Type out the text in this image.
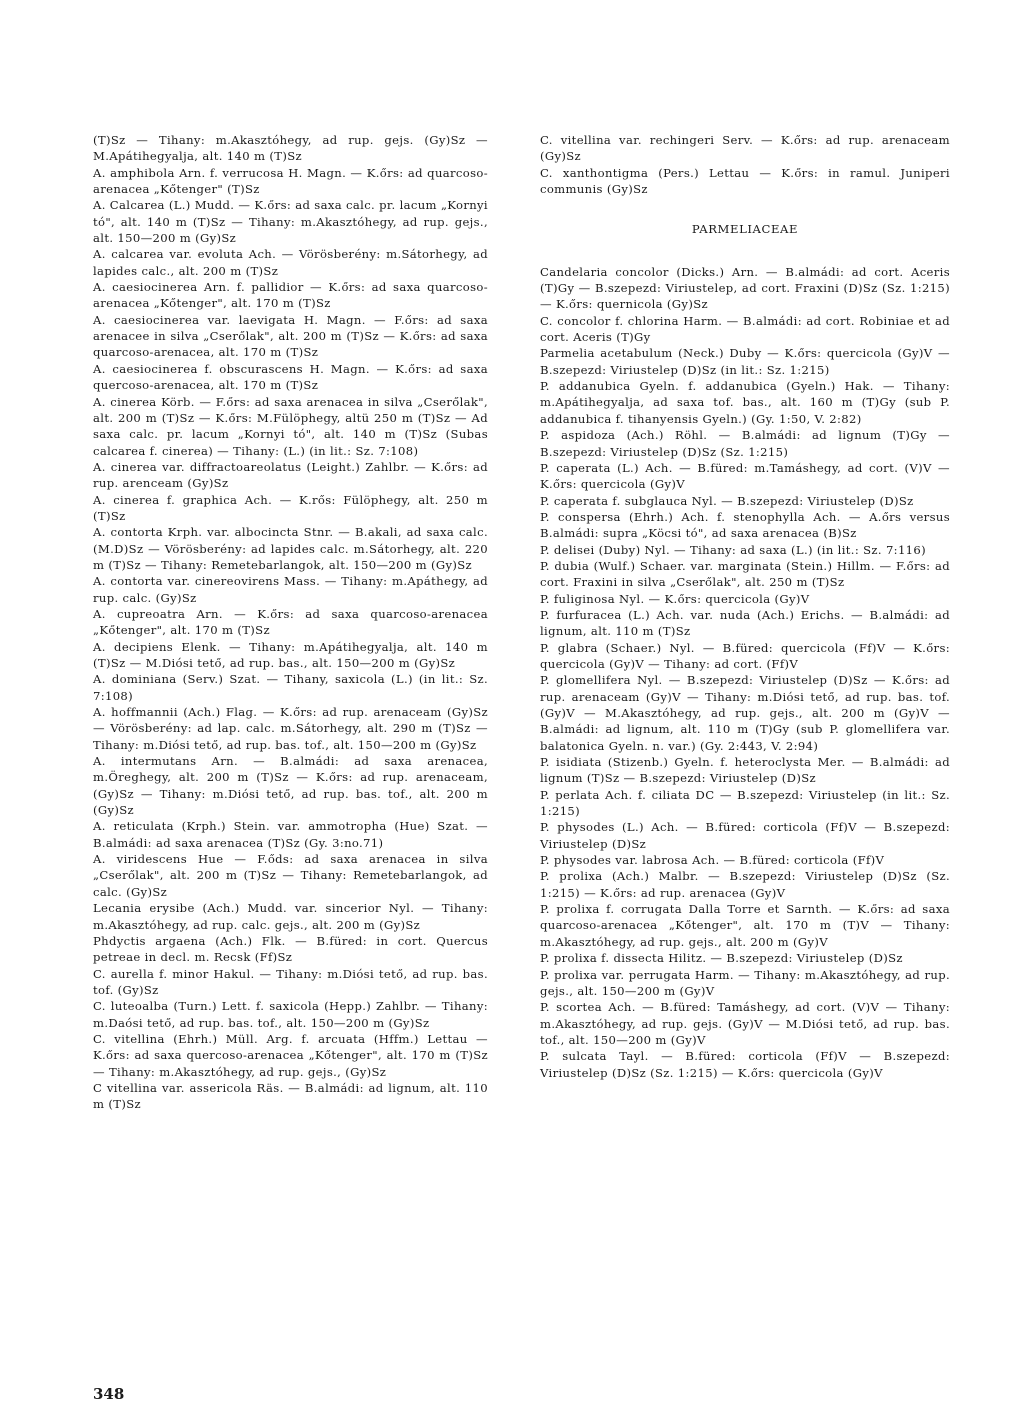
(T)Sz — Tihany: m.Akasztóhegy, ad rup. gejs. (Gy)Sz — M.Apátihegyalja, alt. 140 m (T)Sz

A. amphibola Arn. f. verrucosa H. Magn. — K.őrs: ad quarcoso-arenacea „Kőtenger" (T)Sz

A. Calcarea (L.) Mudd. — K.őrs: ad saxa calc. pr. lacum „Kornyi tó", alt. 140 m (T)Sz — Tihany: m.Akasztóhegy, ad rup. gejs., alt. 150—200 m (Gy)Sz

A. calcarea var. evoluta Ach. — Vörösberény: m.Sátorhegy, ad lapides calc., alt. 200 m (T)Sz

A. caesiocinerea Arn. f. pallidior — K.őrs: ad saxa quarcoso-arenacea „Kőtenger", alt. 170 m (T)Sz

A. caesiocinerea var. laevigata H. Magn. — F.őrs: ad saxa arenacee in silva „Cserőlak", alt. 200 m (T)Sz — K.őrs: ad saxa quarcoso-arenacea, alt. 170 m (T)Sz

A. caesiocinerea f. obscurascens H. Magn. — K.őrs: ad saxa quercoso-arenacea, alt. 170 m (T)Sz

A. cinerea Körb. — F.őrs: ad saxa arenacea in silva „Cserőlak", alt. 200 m (T)Sz — K.őrs: M.Fülöphegy, altü 250 m (T)Sz — Ad saxa calc. pr. lacum „Kornyi tó", alt. 140 m (T)Sz (Subas calcarea f. cinerea) — Tihany: (L.) (in lit.: Sz. 7:108)

A. cinerea var. diffractoareolatus (Leight.) Zahlbr. — K.őrs: ad rup. arenceam (Gy)Sz

A. cinerea f. graphica Ach. — K.rős: Fülöphegy, alt. 250 m (T)Sz

A. contorta Krph. var. albocincta Stnr. — B.akali, ad saxa calc. (M.D)Sz — Vörösberény: ad lapides calc. m.Sátorhegy, alt. 220 m (T)Sz — Tihany: Remetebarlangok, alt. 150—200 m (Gy)Sz

A. contorta var. cinereovirens Mass. — Tihany: m.Apáthegy, ad rup. calc. (Gy)Sz

A. cupreoatra Arn. — K.őrs: ad saxa quarcoso-arenacea „Kőtenger", alt. 170 m (T)Sz

A. decipiens Elenk. — Tihany: m.Apátihegyalja, alt. 140 m (T)Sz — M.Diósi tető, ad rup. bas., alt. 150—200 m (Gy)Sz

A. dominiana (Serv.) Szat. — Tihany, saxicola (L.) (in lit.: Sz. 7:108)

A. hoffmannii (Ach.) Flag. — K.őrs: ad rup. arenaceam (Gy)Sz — Vörösberény: ad lap. calc. m.Sátorhegy, alt. 290 m (T)Sz — Tihany: m.Diósi tető, ad rup. bas. tof., alt. 150—200 m (Gy)Sz

A. intermutans Arn. — B.almádi: ad saxa arenacea, m.Öreghegy, alt. 200 m (T)Sz — K.őrs: ad rup. arenaceam, (Gy)Sz — Tihany: m.Diósi tető, ad rup. bas. tof., alt. 200 m (Gy)Sz

A. reticulata (Krph.) Stein. var. ammotropha (Hue) Szat. — B.almádi: ad saxa arenacea (T)Sz (Gy. 3:no.71)

A. viridescens Hue — F.őds: ad saxa arenacea in silva „Cserőlak", alt. 200 m (T)Sz — Tihany: Remetebarlangok, ad calc. (Gy)Sz

Lecania erysibe (Ach.) Mudd. var. sincerior Nyl. — Tihany: m.Akasztóhegy, ad rup. calc. gejs., alt. 200 m (Gy)Sz

Phdyctis argaena (Ach.) Flk. — B.füred: in cort. Quercus petreae in decl. m. Recsk (Ff)Sz

C. aurella f. minor Hakul. — Tihany: m.Diósi tető, ad rup. bas. tof. (Gy)Sz

C. luteoalba (Turn.) Lett. f. saxicola (Hepp.) Zahlbr. — Tihany: m.Daósi tető, ad rup. bas. tof., alt. 150—200 m (Gy)Sz

C. vitellina (Ehrh.) Müll. Arg. f. arcuata (Hffm.) Lettau — K.őrs: ad saxa quercoso-arenacea „Kőtenger", alt. 170 m (T)Sz — Tihany: m.Akasztóhegy, ad rup. gejs., (Gy)Sz

C vitellina var. assericola Räs. — B.almádi: ad lignum, alt. 110 m (T)Sz

C. vitellina var. rechingeri Serv. — K.őrs: ad rup. arenaceam (Gy)Sz

C. xanthontigma (Pers.) Lettau — K.őrs: in ramul. Juniperi communis (Gy)Sz

PARMELIACEAE

Candelaria concolor (Dicks.) Arn. — B.almádi: ad cort. Aceris (T)Gy — B.szepezd: Viriustelep, ad cort. Fraxini (D)Sz (Sz. 1:215) — K.őrs: quernicola (Gy)Sz

C. concolor f. chlorina Harm. — B.almádi: ad cort. Robiniae et ad cort. Aceris (T)Gy

Parmelia acetabulum (Neck.) Duby — K.őrs: quercicola (Gy)V — B.szepezd: Viriustelep (D)Sz (in lit.: Sz. 1:215)

P. addanubica Gyeln. f. addanubica (Gyeln.) Hak. — Tihany: m.Apátihegyalja, ad saxa tof. bas., alt. 160 m (T)Gy (sub P. addanubica f. tihanyensis Gyeln.) (Gy. 1:50, V. 2:82)

P. aspidoza (Ach.) Röhl. — B.almádi: ad lignum (T)Gy — B.szepezd: Viriustelep (D)Sz (Sz. 1:215)

P. caperata (L.) Ach. — B.füred: m.Tamáshegy, ad cort. (V)V — K.őrs: quercicola (Gy)V

P. caperata f. subglauca Nyl. — B.szepezd: Viriustelep (D)Sz

P. conspersa (Ehrh.) Ach. f. stenophylla Ach. — A.őrs versus B.almádi: supra „Köcsi tó", ad saxa arenacea (B)Sz

P. delisei (Duby) Nyl. — Tihany: ad saxa (L.) (in lit.: Sz. 7:116)

P. dubia (Wulf.) Schaer. var. marginata (Stein.) Hillm. — F.őrs: ad cort. Fraxini in silva „Cserőlak", alt. 250 m (T)Sz

P. fuliginosa Nyl. — K.őrs: quercicola (Gy)V

P. furfuracea (L.) Ach. var. nuda (Ach.) Erichs. — B.almádi: ad lignum, alt. 110 m (T)Sz

P. glabra (Schaer.) Nyl. — B.füred: quercicola (Ff)V — K.őrs: quercicola (Gy)V — Tihany: ad cort. (Ff)V

P. glomellifera Nyl. — B.szepezd: Viriustelep (D)Sz — K.őrs: ad rup. arenaceam (Gy)V — Tihany: m.Diósi tető, ad rup. bas. tof. (Gy)V — M.Akasztóhegy, ad rup. gejs., alt. 200 m (Gy)V — B.almádi: ad lignum, alt. 110 m (T)Gy (sub P. glomellifera var. balatonica Gyeln. n. var.) (Gy. 2:443, V. 2:94)

P. isidiata (Stizenb.) Gyeln. f. heteroclysta Mer. — B.almádi: ad lignum (T)Sz — B.szepezd: Viriustelep (D)Sz

P. perlata Ach. f. ciliata DC — B.szepezd: Viriustelep (in lit.: Sz. 1:215)

P. physodes (L.) Ach. — B.füred: corticola (Ff)V — B.szepezd: Viriustelep (D)Sz

P. physodes var. labrosa Ach. — B.füred: corticola (Ff)V

P. prolixa (Ach.) Malbr. — B.szepezd: Viriustelep (D)Sz (Sz. 1:215) — K.őrs: ad rup. arenacea (Gy)V

P. prolixa f. corrugata Dalla Torre et Sarnth. — K.őrs: ad saxa quarcoso-arenacea „Kőtenger", alt. 170 m (T)V — Tihany: m.Akasztóhegy, ad rup. gejs., alt. 200 m (Gy)V

P. prolixa f. dissecta Hilitz. — B.szepezd: Viriustelep (D)Sz

P. prolixa var. perrugata Harm. — Tihany: m.Akasztóhegy, ad rup. gejs., alt. 150—200 m (Gy)V

P. scortea Ach. — B.füred: Tamáshegy, ad cort. (V)V — Tihany: m.Akasztóhegy, ad rup. gejs. (Gy)V — M.Diósi tető, ad rup. bas. tof., alt. 150—200 m (Gy)V

P. sulcata Tayl. — B.füred: corticola (Ff)V — B.szepezd: Viriustelep (D)Sz (Sz. 1:215) — K.őrs: quercicola (Gy)V

348
